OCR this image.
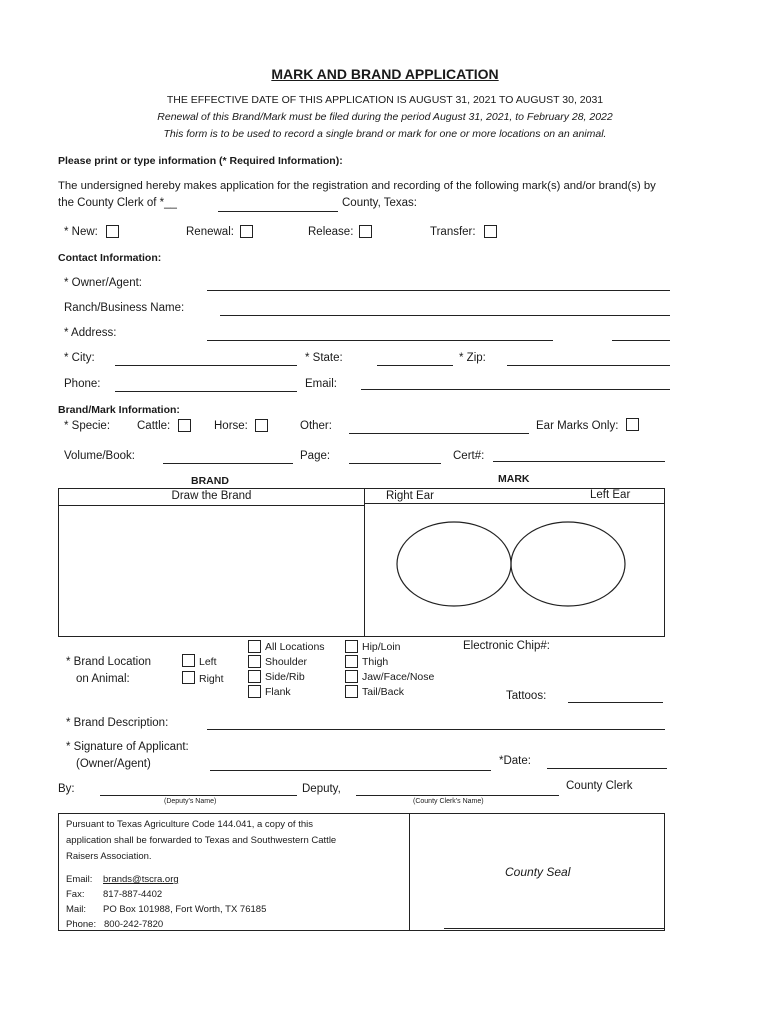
MARK AND BRAND APPLICATION
THE EFFECTIVE DATE OF THIS APPLICATION IS AUGUST 31, 2021 TO AUGUST 30, 2031
Renewal of this Brand/Mark must be filed during the period August 31, 2021, to February 28, 2022
This form is to be used to record a single brand or mark for one or more locations on an animal.
Please print or type information (* Required Information):
The undersigned hereby makes application for the registration and recording of the following mark(s) and/or brand(s) by
the County Clerk of *__	County, Texas:
* New:	Renewal:	Release:	Transfer:
Contact Information:
* Owner/Agent:
Ranch/Business Name:
* Address:
* City:	* State:	* Zip:
Phone:	Email:
Brand/Mark Information:
* Specie: Cattle:	Horse:	Other:	Ear Marks Only:
Volume/Book:	Page:	Cert#:
BRAND	MARK
Draw the Brand	Right Ear	Left Ear
* Brand Location
on Animal:
Left
Right
All Locations
Shoulder
Side/Rib
Flank
Hip/Loin
Thigh
Jaw/Face/Nose
Tail/Back
Electronic Chip#:
Tattoos:
* Brand Description:
* Signature of Applicant:
(Owner/Agent)	*Date:
By:
(Deputy's Name)
Deputy,
(County Clerk's Name)
County Clerk
Pursuant to Texas Agriculture Code 144.041, a copy of this
application shall be forwarded to Texas and Southwestern Cattle
Raisers Association.
Email: brands@tscra.org
Fax: 817-887-4402
Mail: PO Box 101988, Fort Worth, TX 76185
Phone: 800-242-7820
County Seal
